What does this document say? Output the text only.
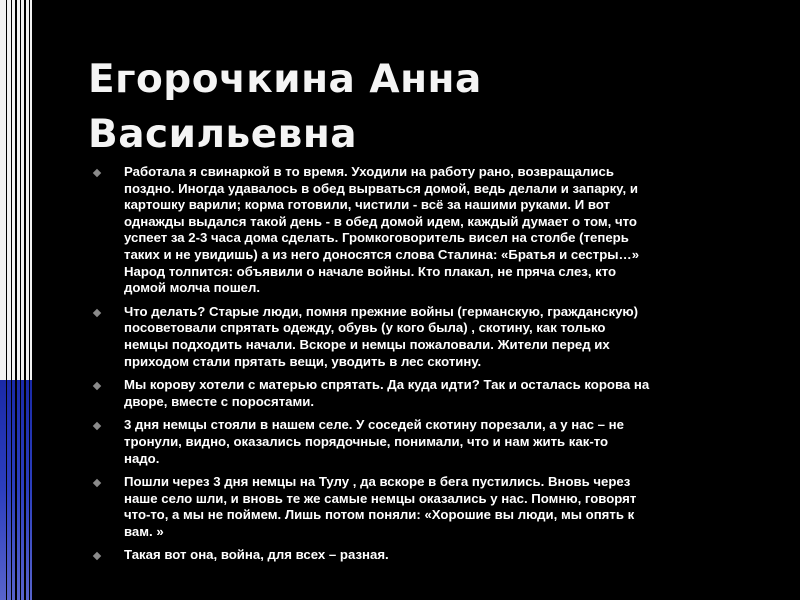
Егорочкина Анна
Васильевна
Работала я свинаркой в то время. Уходили на работу рано, возвращались
поздно. Иногда удавалось в обед вырваться домой, ведь делали и запарку, и
картошку варили; корма готовили, чистили - всё за нашими руками. И вот
однажды выдался такой день - в обед домой идем, каждый думает о том, что
успеет за 2-3 часа дома сделать. Громкоговоритель висел на столбе (теперь
таких и не увидишь) а из него доносятся слова Сталина: «Братья и сестры…»
Народ толпится: объявили о начале войны. Кто плакал, не пряча слез, кто
домой молча пошел.
Что делать? Старые люди, помня прежние войны (германскую, гражданскую)
посоветовали спрятать одежду, обувь (у кого была) , скотину, как только
немцы подходить начали. Вскоре и немцы пожаловали. Жители перед их
приходом стали прятать вещи, уводить в лес скотину.
Мы корову хотели с матерью спрятать. Да куда идти? Так и осталась корова на
дворе, вместе с поросятами.
3 дня немцы стояли в нашем селе. У соседей скотину порезали, а у нас – не
тронули, видно, оказались порядочные, понимали, что и нам жить как-то
надо.
Пошли через 3 дня немцы на Тулу , да вскоре в бега пустились. Вновь через
наше село шли, и вновь те же самые немцы оказались у нас. Помню, говорят
что-то, а мы не поймем. Лишь потом поняли: «Хорошие вы люди, мы опять к
вам. »
Такая вот она, война, для всех – разная.
